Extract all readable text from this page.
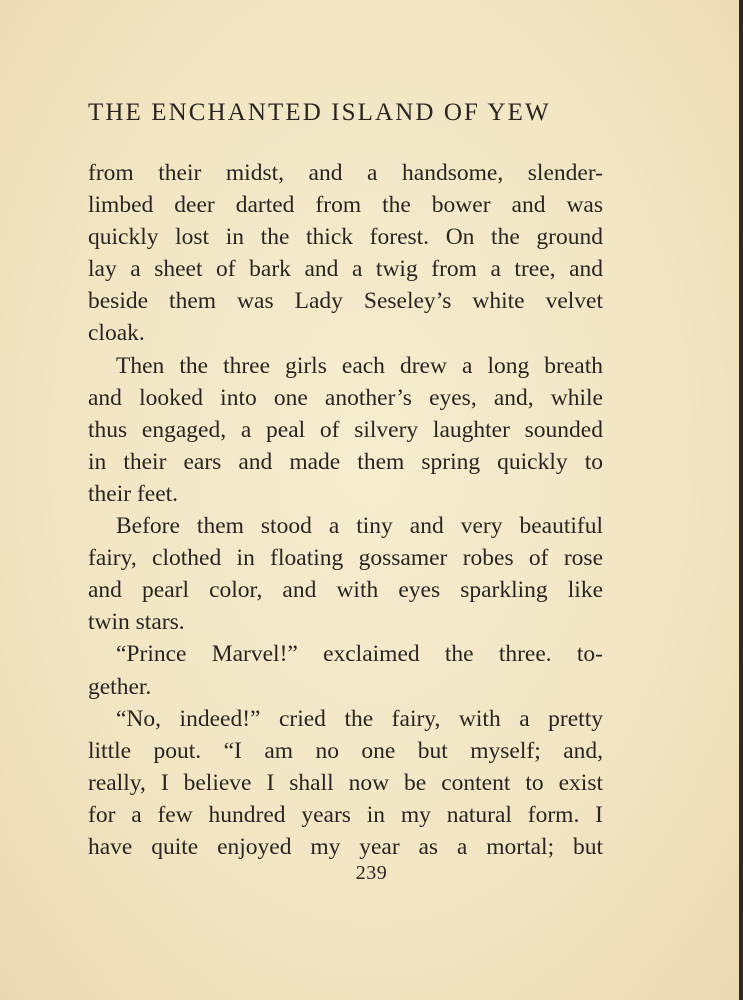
THE ENCHANTED ISLAND OF YEW
from their midst, and a handsome, slender-
limbed deer darted from the bower and was
quickly lost in the thick forest. On the ground
lay a sheet of bark and a twig from a tree, and
beside them was Lady Seseley’s white velvet
cloak.
Then the three girls each drew a long breath
and looked into one another’s eyes, and, while
thus engaged, a peal of silvery laughter sounded
in their ears and made them spring quickly to
their feet.
Before them stood a tiny and very beautiful
fairy, clothed in floating gossamer robes of rose
and pearl color, and with eyes sparkling like
twin stars.
“Prince Marvel!” exclaimed the three. to-
gether.
“No, indeed!” cried the fairy, with a pretty
little pout. “I am no one but myself; and,
really, I believe I shall now be content to exist
for a few hundred years in my natural form. I
have quite enjoyed my year as a mortal; but
239
